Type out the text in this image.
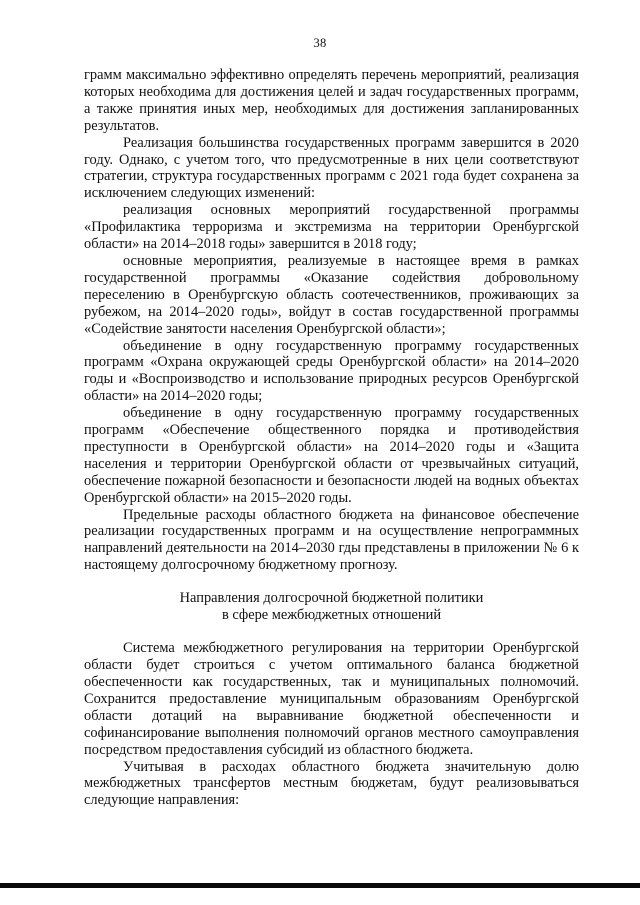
38

грамм максимально эффективно определять перечень мероприятий, реализация которых необходима для достижения целей и задач государственных программ, а также принятия иных мер, необходимых для достижения запланированных результатов.

Реализация большинства государственных программ завершится в 2020 году. Однако, с учетом того, что предусмотренные в них цели соответствуют стратегии, структура государственных программ с 2021 года будет сохранена за исключением следующих изменений:

реализация основных мероприятий государственной программы «Профилактика терроризма и экстремизма на территории Оренбургской области» на 2014–2018 годы» завершится в 2018 году;

основные мероприятия, реализуемые в настоящее время в рамках государственной программы «Оказание содействия добровольному переселению в Оренбургскую область соотечественников, проживающих за рубежом, на 2014–2020 годы», войдут в состав государственной программы «Содействие занятости населения Оренбургской области»;

объединение в одну государственную программу государственных программ «Охрана окружающей среды Оренбургской области» на 2014–2020 годы и «Воспроизводство и использование природных ресурсов Оренбургской области» на 2014–2020 годы;

объединение в одну государственную программу государственных программ «Обеспечение общественного порядка и противодействия преступности в Оренбургской области» на 2014–2020 годы и «Защита населения и территории Оренбургской области от чрезвычайных ситуаций, обеспечение пожарной безопасности и безопасности людей на водных объектах Оренбургской области» на 2015–2020 годы.

Предельные расходы областного бюджета на финансовое обеспечение реализации государственных программ и на осуществление непрограммных направлений деятельности на 2014–2030 гды представлены в приложении № 6 к настоящему долгосрочному бюджетному прогнозу.

Направления долгосрочной бюджетной политики
в сфере межбюджетных отношений

Система межбюджетного регулирования на территории Оренбургской области будет строиться с учетом оптимального баланса бюджетной обеспеченности как государственных, так и муниципальных полномочий. Сохранится предоставление муниципальным образованиям Оренбургской области дотаций на выравнивание бюджетной обеспеченности и софинансирование выполнения полномочий органов местного самоуправления посредством предоставления субсидий из областного бюджета.

Учитывая в расходах областного бюджета значительную долю межбюджетных трансфертов местным бюджетам, будут реализовываться следующие направления:
